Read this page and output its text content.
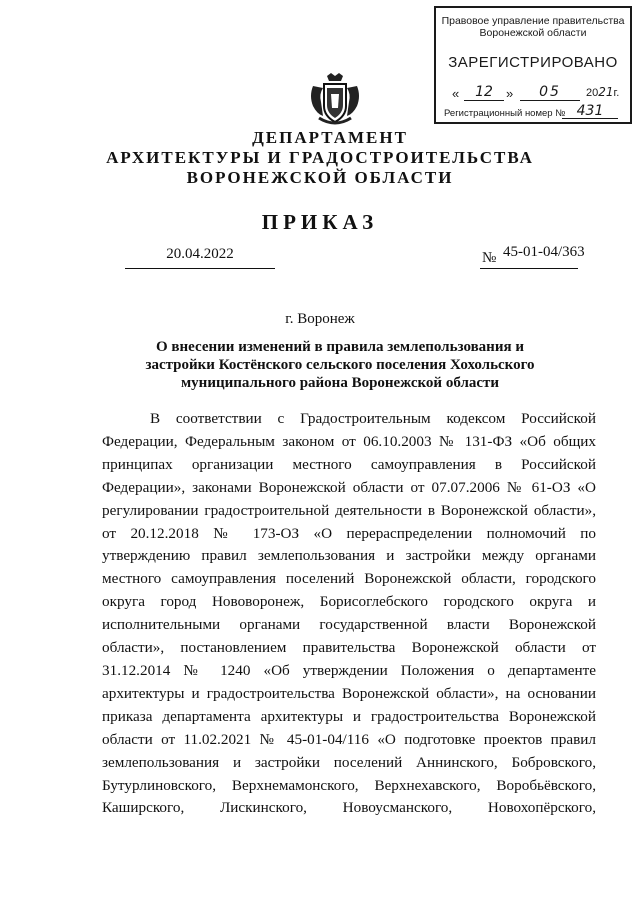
Правовое управление правительства
Воронежской области
ЗАРЕГИСТРИРОВАНО
«	12	»	05	2021г.
Регистрационный номер № 431
ДЕПАРТАМЕНТ
АРХИТЕКТУРЫ И ГРАДОСТРОИТЕЛЬСТВА
ВОРОНЕЖСКОЙ ОБЛАСТИ
ПРИКАЗ
20.04.2022	№ 45-01-04/363
г. Воронеж
О внесении изменений в правила землепользования и застройки Костёнского сельского поселения Хохольского муниципального района Воронежской области
В соответствии с Градостроительным кодексом Российской
Федерации, Федеральным законом от 06.10.2003 № 131-ФЗ «Об общих
принципах организации местного самоуправления в Российской
Федерации», законами Воронежской области от 07.07.2006 № 61-ОЗ «О
регулировании градостроительной деятельности в Воронежской области»,
от 20.12.2018 № 173-ОЗ «О перераспределении полномочий по
утверждению правил землепользования и застройки между органами
местного самоуправления поселений Воронежской области, городского
округа город Нововоронеж, Борисоглебского городского округа и
исполнительными органами государственной власти Воронежской
области», постановлением правительства Воронежской области от
31.12.2014 № 1240 «Об утверждении Положения о департаменте
архитектуры и градостроительства Воронежской области», на основании
приказа департамента архитектуры и градостроительства Воронежской
области от 11.02.2021 № 45-01-04/116 «О подготовке проектов правил
землепользования и застройки поселений Аннинского, Бобровского,
Бутурлиновского, Верхнемамонского, Верхнехавского, Воробьёвского,
Каширского, Лискинского, Новоусманского, Новохопёрского,
